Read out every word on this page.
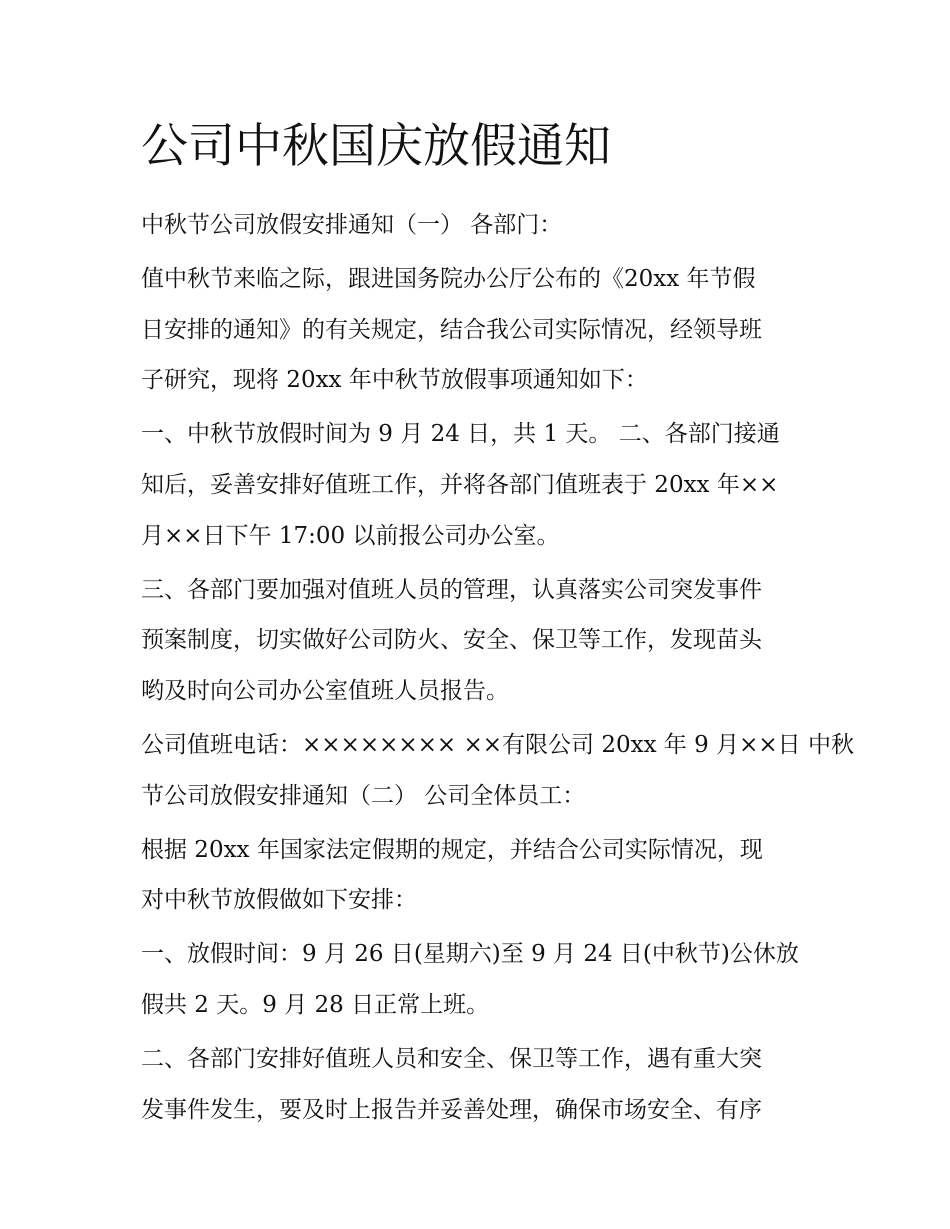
公司中秋国庆放假通知

中秋节公司放假安排通知（一） 各部门：

值中秋节来临之际，跟进国务院办公厅公布的《20xx 年节假
日安排的通知》的有关规定，结合我公司实际情况，经领导班
子研究，现将 20xx 年中秋节放假事项通知如下：

一、中秋节放假时间为 9 月 24 日，共 1 天。 二、各部门接通
知后，妥善安排好值班工作，并将各部门值班表于 20xx 年××
月××日下午 17:00 以前报公司办公室。

三、各部门要加强对值班人员的管理，认真落实公司突发事件
预案制度，切实做好公司防火、安全、保卫等工作，发现苗头
哟及时向公司办公室值班人员报告。

公司值班电话：×××××××× ××有限公司 20xx 年 9 月××日 中秋
节公司放假安排通知（二） 公司全体员工：

根据 20xx 年国家法定假期的规定，并结合公司实际情况，现
对中秋节放假做如下安排：

一、放假时间：9 月 26 日(星期六)至 9 月 24 日(中秋节)公休放
假共 2 天。9 月 28 日正常上班。

二、各部门安排好值班人员和安全、保卫等工作，遇有重大突
发事件发生，要及时上报告并妥善处理，确保市场安全、有序
